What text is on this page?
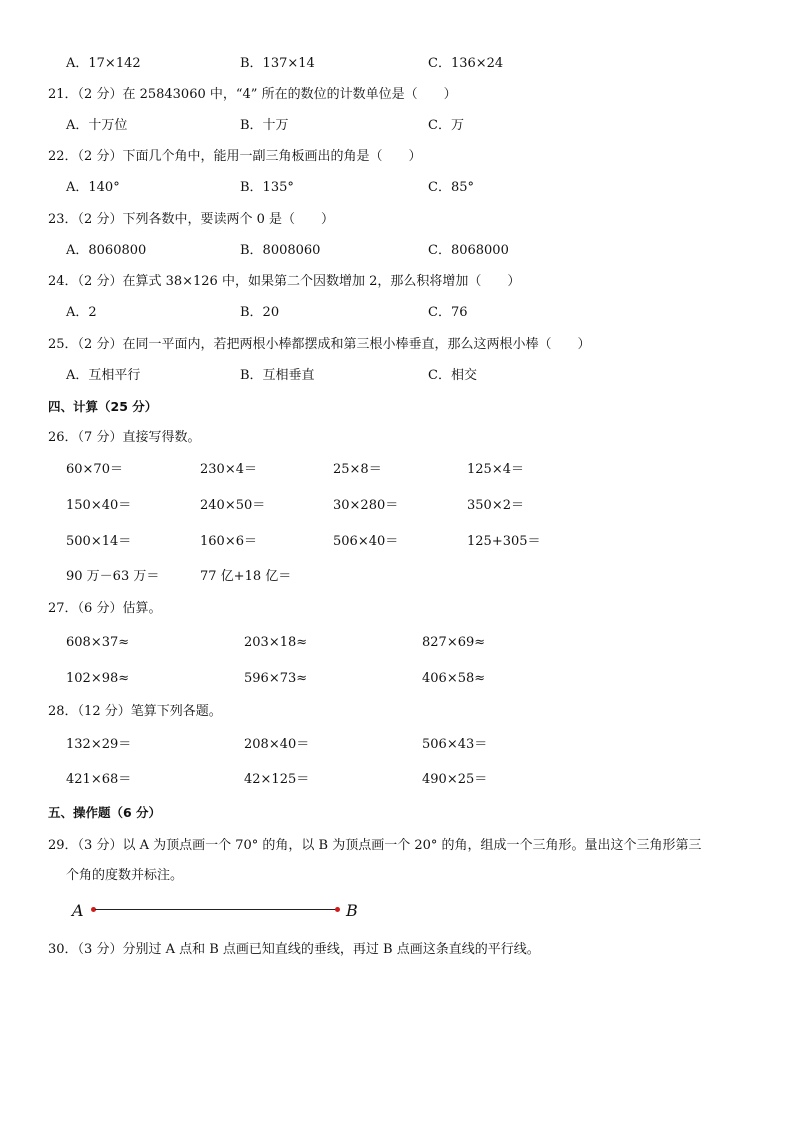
A．17×142	B．137×14	C．136×24
21．（2 分）在 25843060 中，“4” 所在的数位的计数单位是（　　）
A．十万位	B．十万	C．万
22．（2 分）下面几个角中，能用一副三角板画出的角是（　　）
A．140°	B．135°	C．85°
23．（2 分）下列各数中，要读两个 0 是（　　）
A．8060800	B．8008060	C．8068000
24．（2 分）在算式 38×126 中，如果第二个因数增加 2，那么积将增加（　　）
A．2	B．20	C．76
25．（2 分）在同一平面内，若把两根小棒都摆成和第三根小棒垂直，那么这两根小棒（　　）
A．互相平行	B．互相垂直	C．相交
四、计算（25 分）
26．（7 分）直接写得数。
60×70＝	230×4＝	25×8＝	125×4＝
150×40＝	240×50＝	30×280＝	350×2＝
500×14＝	160×6＝	506×40＝	125+305＝
90 万－63 万＝	77 亿+18 亿＝
27．（6 分）估算。
608×37≈	203×18≈	827×69≈
102×98≈	596×73≈	406×58≈
28．（12 分）笔算下列各题。
132×29＝	208×40＝	506×43＝
421×68＝	42×125＝	490×25＝
五、操作题（6 分）
29．（3 分）以 A 为顶点画一个 70° 的角，以 B 为顶点画一个 20° 的角，组成一个三角形。量出这个三角形第三
个角的度数并标注。
A	B
30．（3 分）分别过 A 点和 B 点画已知直线的垂线，再过 B 点画这条直线的平行线。
